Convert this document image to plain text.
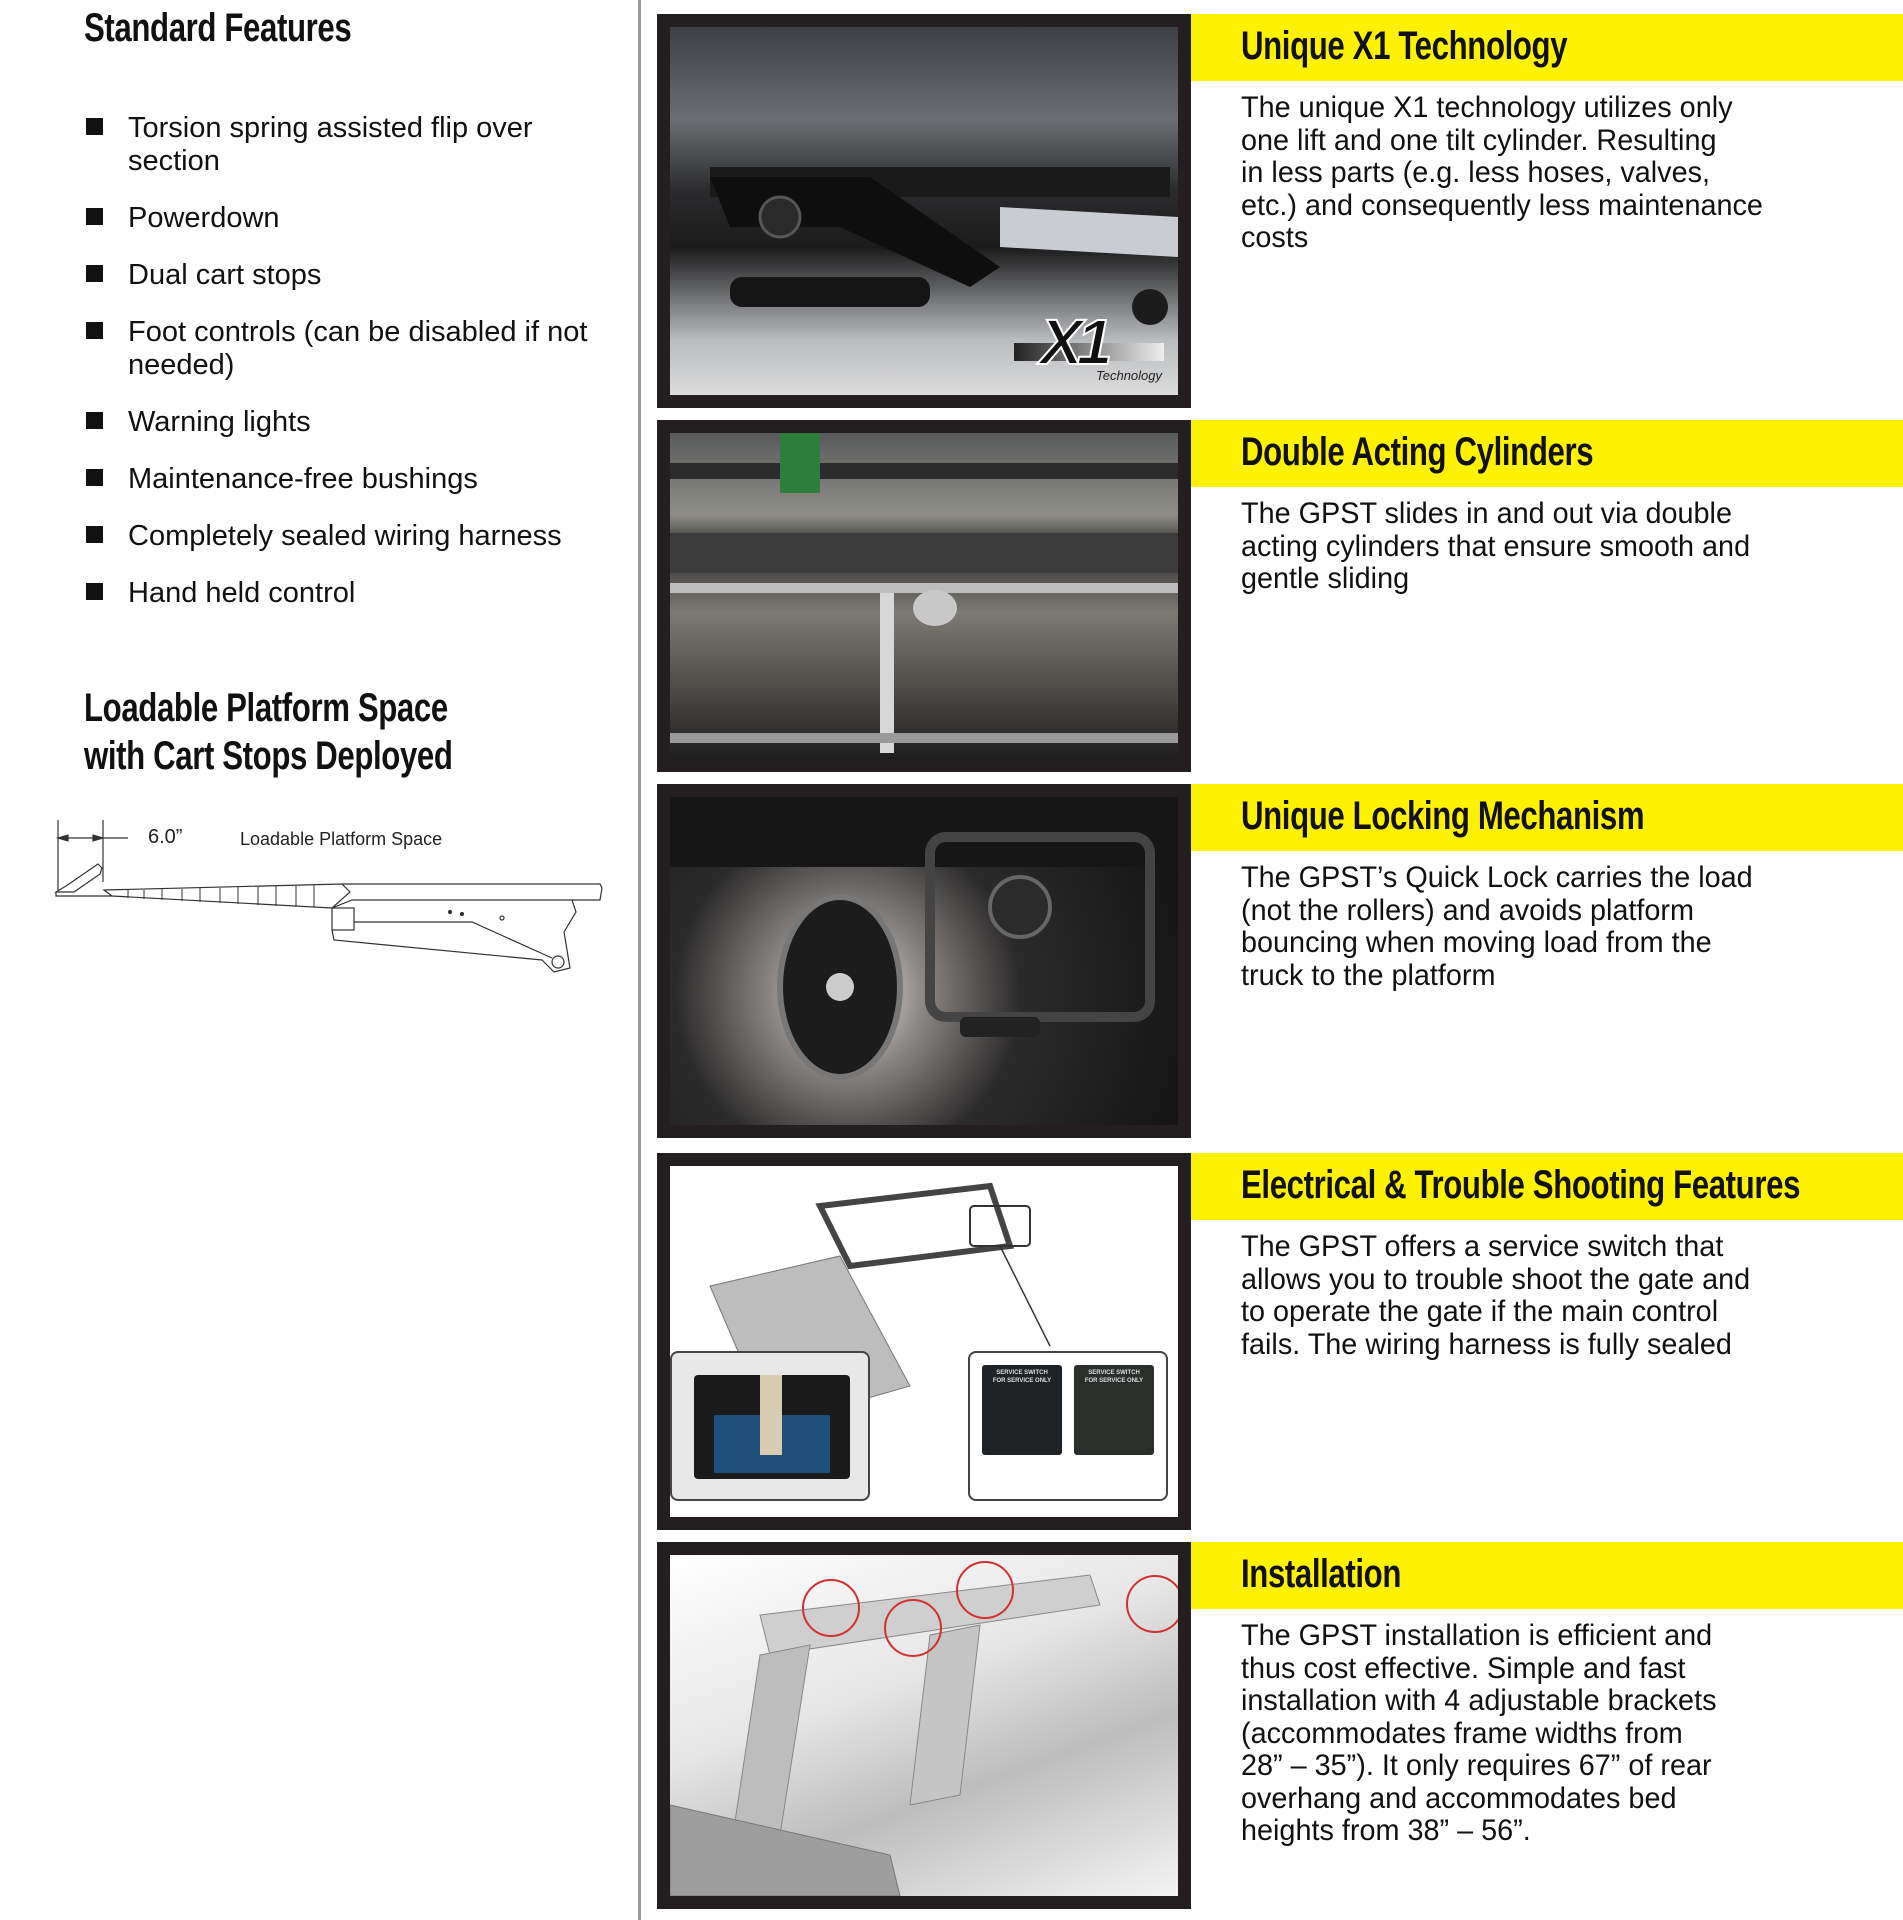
Standard Features
Torsion spring assisted flip over section
Powerdown
Dual cart stops
Foot controls (can be disabled if not needed)
Warning lights
Maintenance-free bushings
Completely sealed wiring harness
Hand held control
Loadable Platform Space
with Cart Stops Deployed
6.0”	Loadable Platform Space
X1
Technology
Unique X1 Technology

The unique X1 technology utilizes only
one lift and one tilt cylinder. Resulting
in less parts (e.g. less hoses, valves,
etc.) and consequently less maintenance
costs

Double Acting Cylinders

The GPST slides in and out via double
acting cylinders that ensure smooth and
gentle sliding

Unique Locking Mechanism

The GPST’s Quick Lock carries the load
(not the rollers) and avoids platform
bouncing when moving load from the
truck to the platform

SERVICE SWITCH
FOR SERVICE ONLY
SERVICE SWITCH
FOR SERVICE ONLY
Electrical & Trouble Shooting Features

The GPST offers a service switch that
allows you to trouble shoot the gate and
to operate the gate if the main control
fails. The wiring harness is fully sealed

Installation

The GPST installation is efficient and
thus cost effective. Simple and fast
installation with 4 adjustable brackets
(accommodates frame widths from
28” – 35”). It only requires 67” of rear
overhang and accommodates bed
heights from 38” – 56”.
